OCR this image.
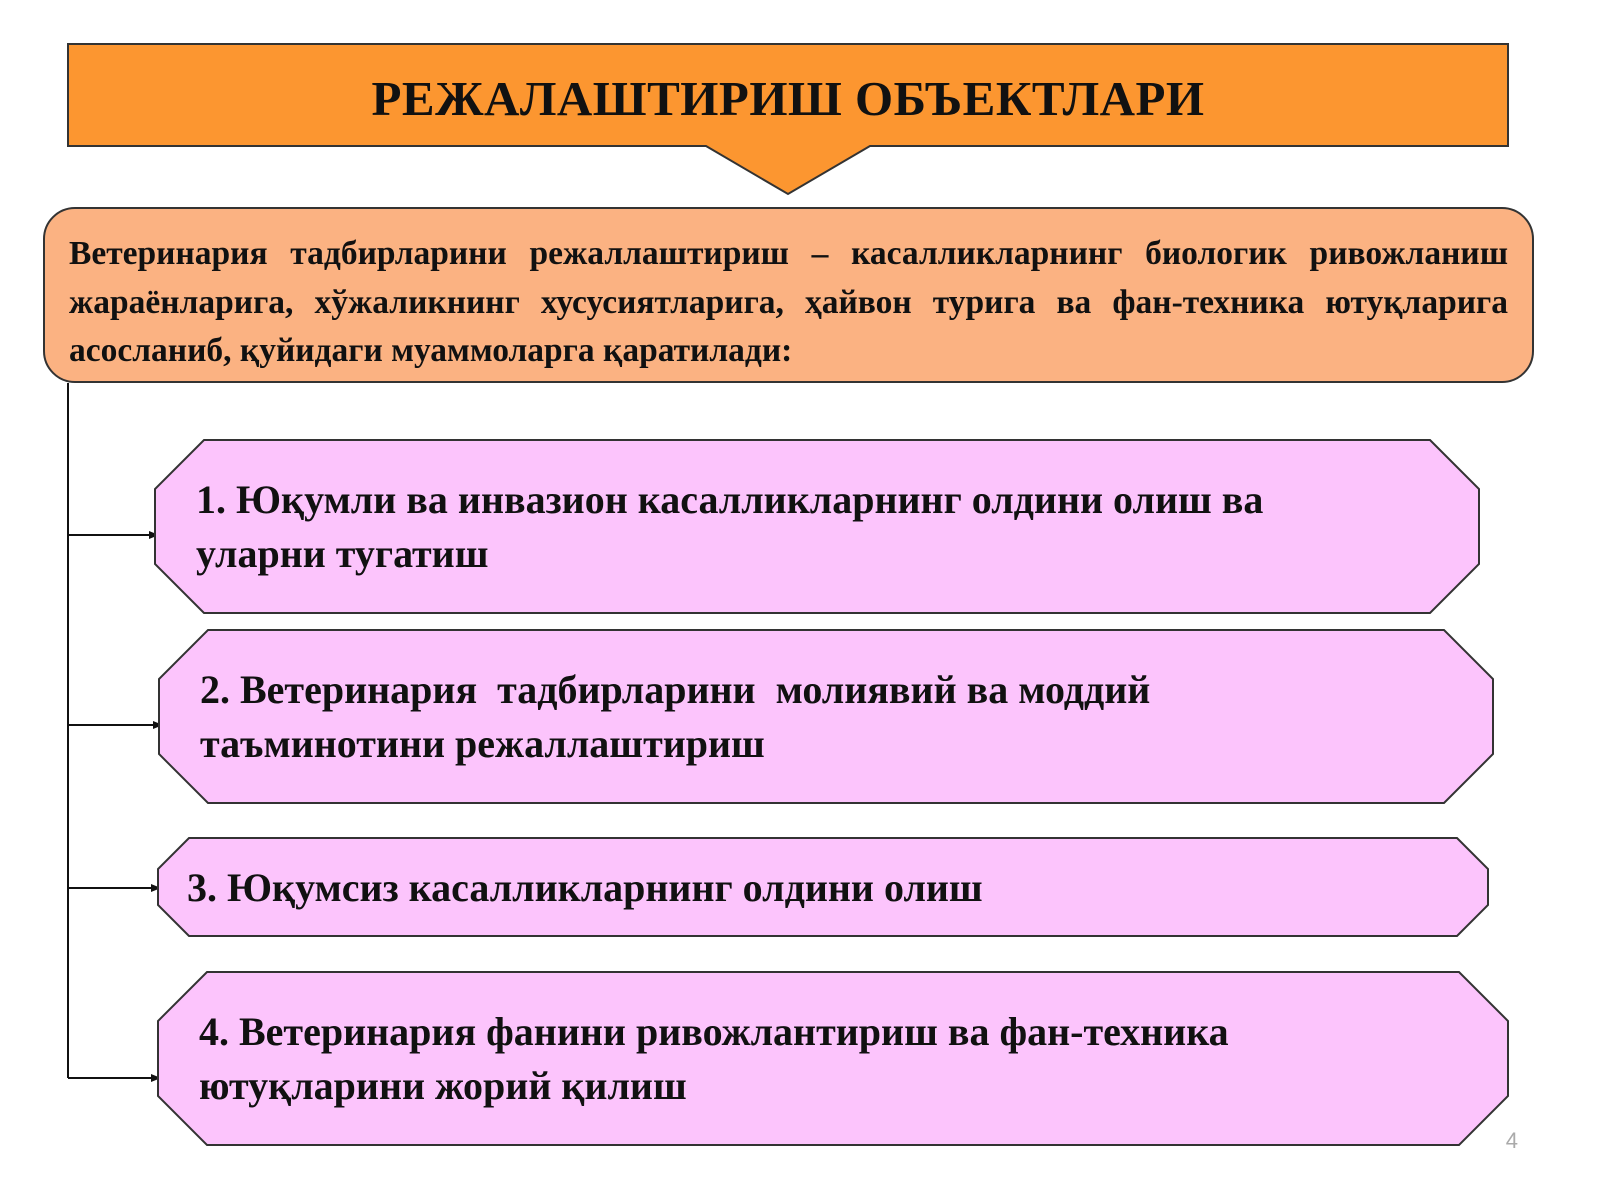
РЕЖАЛАШТИРИШ ОБЪЕКТЛАРИ
Ветеринария тадбирларини режаллаштириш – касалликларнинг биологик ривожланиш жараёнларига, хўжаликнинг хусусиятларига, ҳайвон турига ва фан-техника ютуқларига асосланиб, қуйидаги муаммоларга қаратилади:
1. Юқумли ва инвазион касалликларнинг олдини олиш ва
уларни тугатиш
2. Ветеринария  тадбирларини  молиявий ва моддий
таъминотини режаллаштириш
3. Юқумсиз касалликларнинг олдини олиш
4. Ветеринария фанини ривожлантириш ва фан-техника
ютуқларини жорий қилиш
4
